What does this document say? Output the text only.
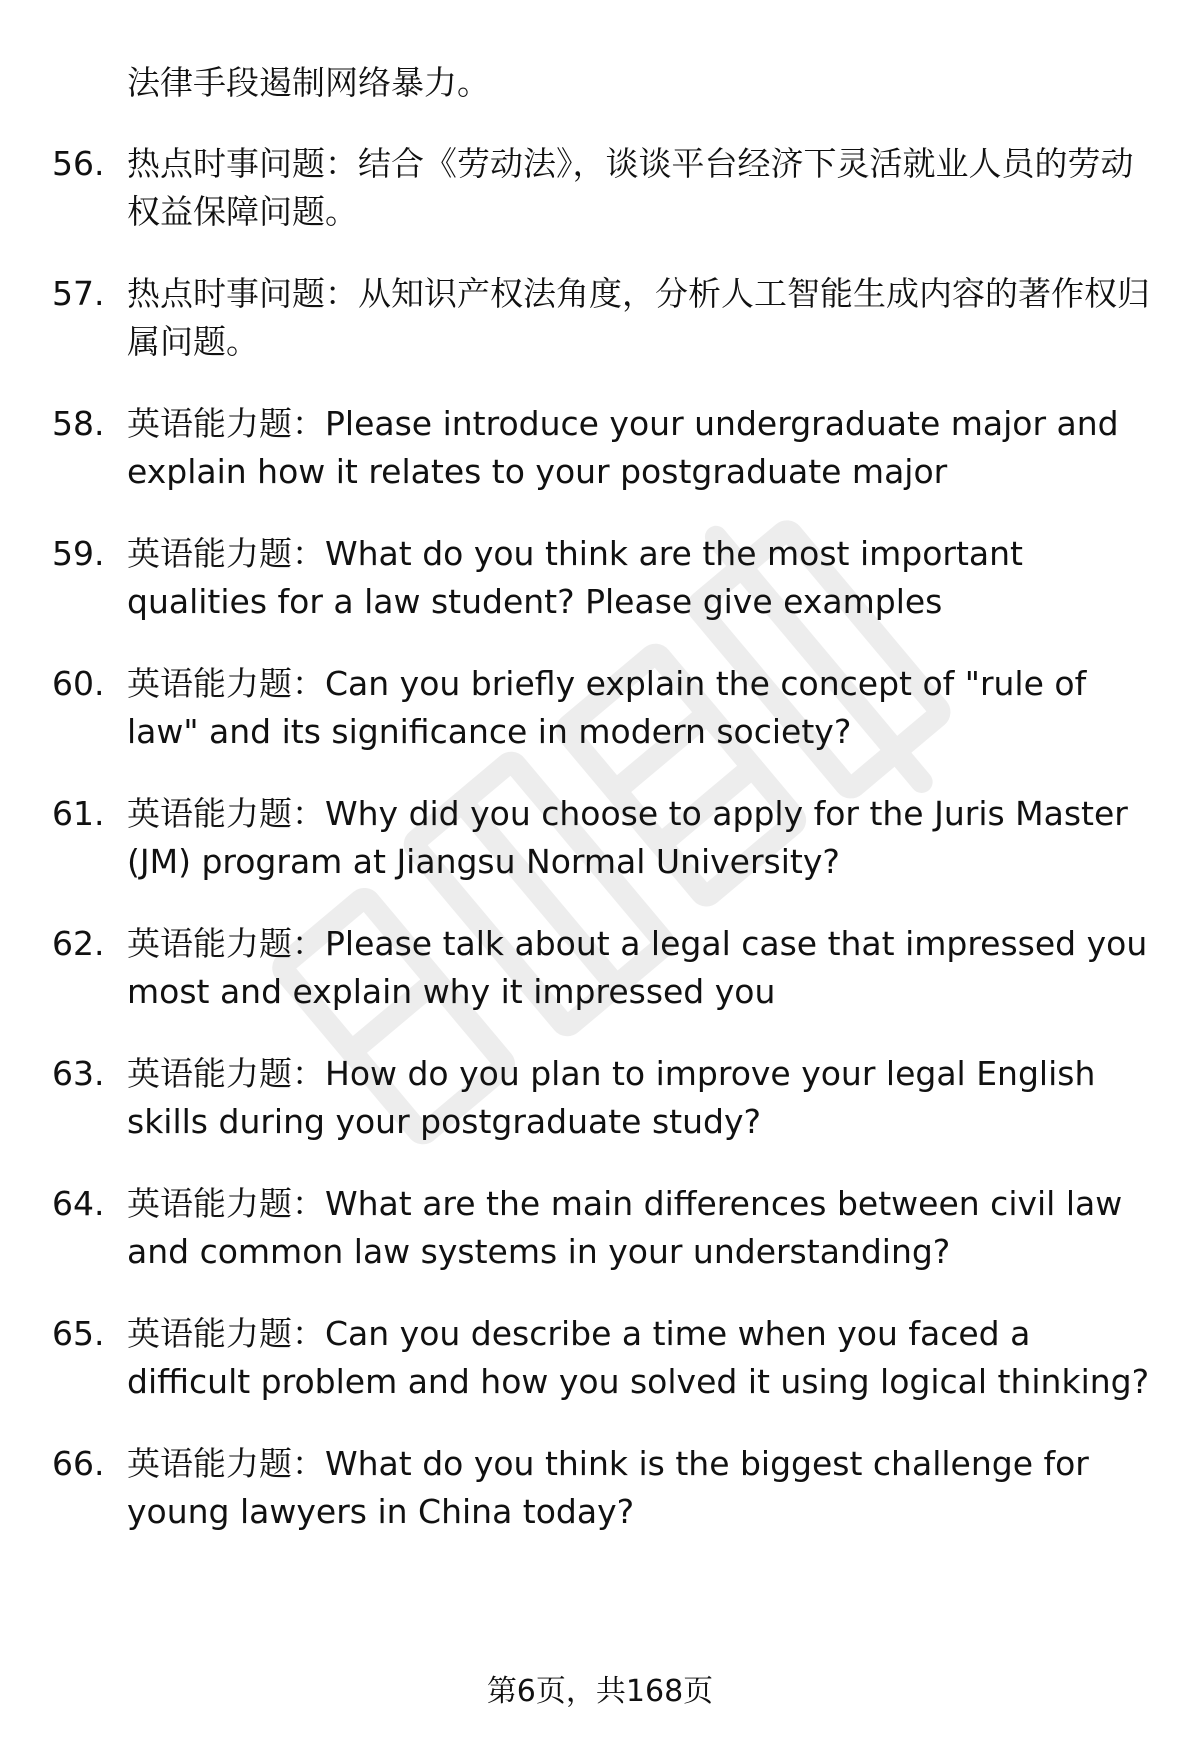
法律手段遏制网络暴力。

56. 热点时事问题：结合《劳动法》，谈谈平台经济下灵活就业人员的劳动权益保障问题。
57. 热点时事问题：从知识产权法角度，分析人工智能生成内容的著作权归属问题。
58. 英语能力题：Please introduce your undergraduate major and explain how it relates to your postgraduate major
59. 英语能力题：What do you think are the most important qualities for a law student? Please give examples
60. 英语能力题：Can you briefly explain the concept of "rule of law" and its significance in modern society?
61. 英语能力题：Why did you choose to apply for the Juris Master (JM) program at Jiangsu Normal University?
62. 英语能力题：Please talk about a legal case that impressed you most and explain why it impressed you
63. 英语能力题：How do you plan to improve your legal English skills during your postgraduate study?
64. 英语能力题：What are the main differences between civil law and common law systems in your understanding?
65. 英语能力题：Can you describe a time when you faced a difficult problem and how you solved it using logical thinking?
66. 英语能力题：What do you think is the biggest challenge for young lawyers in China today?
第6页，共168页
